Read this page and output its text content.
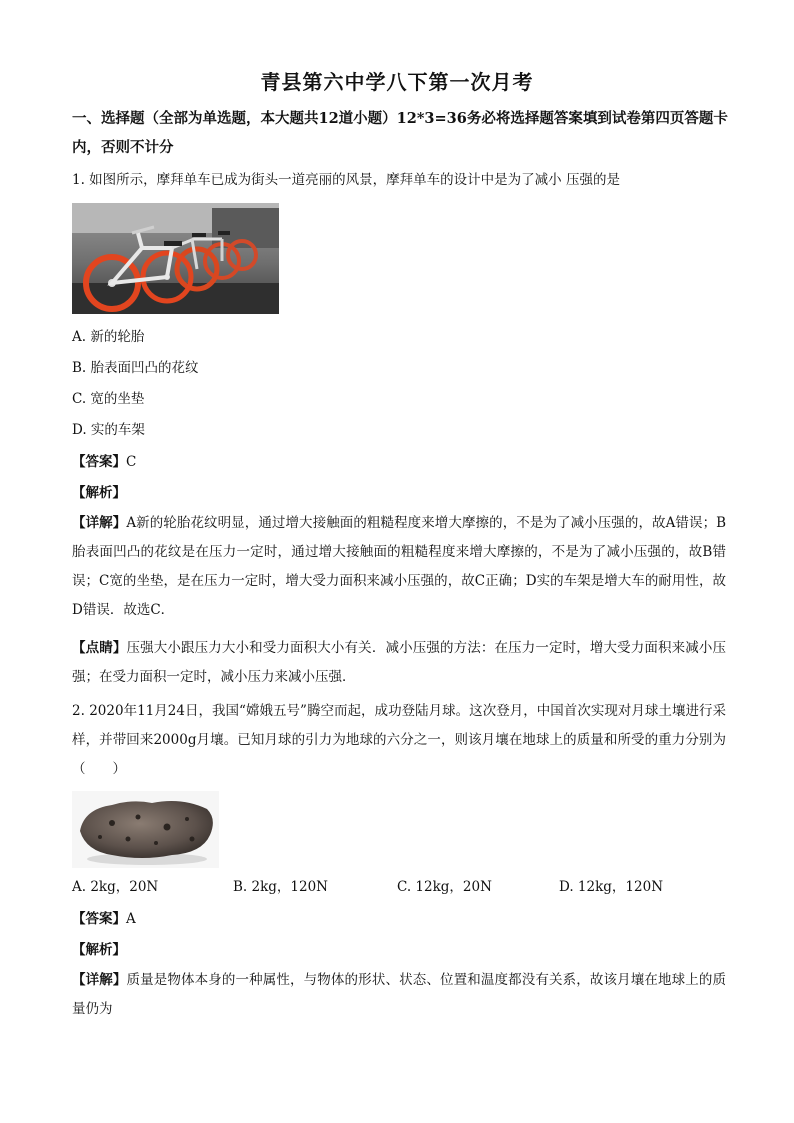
青县第六中学八下第一次月考
一、选择题（全部为单选题，本大题共12道小题）12*3=36务必将选择题答案填到试卷第四页答题卡内，否则不计分
1. 如图所示，摩拜单车已成为街头一道亮丽的风景，摩拜单车的设计中是为了减小 压强的是
A. 新的轮胎
B. 胎表面凹凸的花纹
C. 宽的坐垫
D. 实的车架
【答案】C
【解析】
【详解】A新的轮胎花纹明显，通过增大接触面的粗糙程度来增大摩擦的，不是为了减小压强的，故A错误；B胎表面凹凸的花纹是在压力一定时，通过增大接触面的粗糙程度来增大摩擦的，不是为了减小压强的，故B错误；C宽的坐垫，是在压力一定时，增大受力面积来减小压强的，故C正确；D实的车架是增大车的耐用性，故D错误．故选C．
【点睛】压强大小跟压力大小和受力面积大小有关．减小压强的方法：在压力一定时，增大受力面积来减小压强；在受力面积一定时，减小压力来减小压强．
2. 2020年11月24日，我国“嫦娥五号”腾空而起，成功登陆月球。这次登月，中国首次实现对月球土壤进行采样，并带回来2000g月壤。已知月球的引力为地球的六分之一，则该月壤在地球上的质量和所受的重力分别为（　　）
A. 2kg，20N	B. 2kg，120N	C. 12kg，20N	D. 12kg，120N
【答案】A
【解析】
【详解】质量是物体本身的一种属性，与物体的形状、状态、位置和温度都没有关系，故该月壤在地球上的质量仍为
